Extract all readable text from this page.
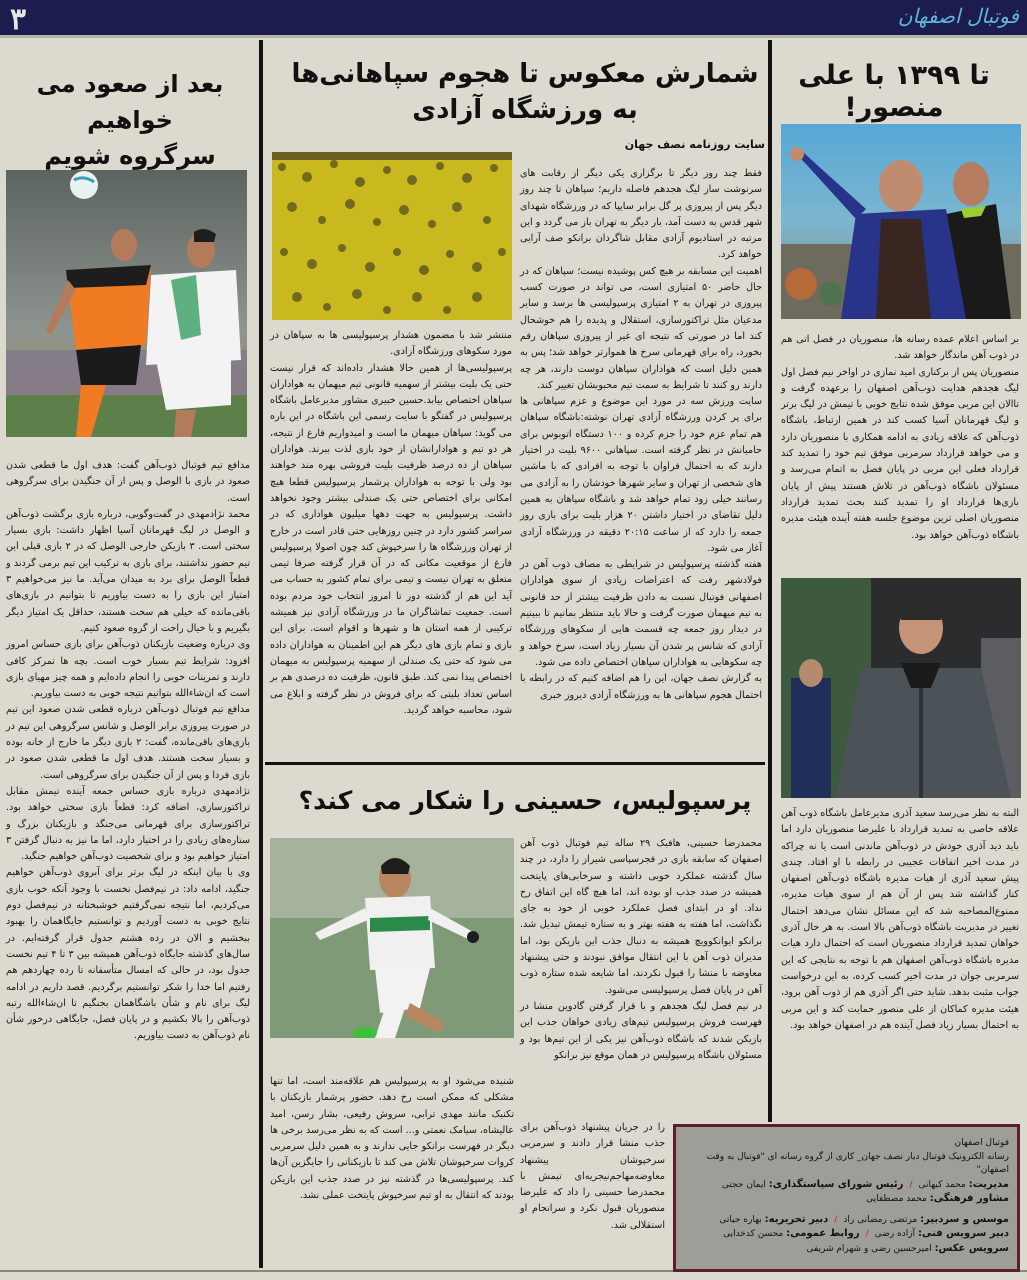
۳	فوتبال اصفهان
تا ۱۳۹۹ با علی منصور!

بر اساس اعلام عمده رسانه ها، منصوریان در فصل اتی هم در ذوب آهن ماندگار خواهد شد.

منصوریان پس از برکناری امید نمازی در اواخر نیم فصل اول لیگ هجدهم هدایت ذوب‌آهن اصفهان را برعهده گرفت و تاالان این مربی موفق شده نتایج خوبی با تیمش در لیگ برتر و لیگ قهرمانان آسیا کسب کند در همین ارتباط، باشگاه ذوب‌آهن که علاقه زیادی به ادامه همکاری با منصوریان دارد و می خواهد قرارداد سرمربی موفق تیم خود را تمدید کند قرارداد فعلی این مربی در پایان فصل به اتمام می‌رسد و مسئولان باشگاه ذوب‌آهن در تلاش هستند پیش از پایان بازی‌ها قرارداد او را تمدید کنند بحث تمدید قرارداد منصوریان اصلی ترین موضوع جلسه هفته آینده هیئت مدیره باشگاه ذوب‌آهن خواهد بود.

البته به نظر می‌رسد سعید آذری مدیرعامل باشگاه ذوب آهن علاقه خاصی به تمدید قرارداد با علیرضا منصوریان دارد اما باید دید آذری خودش در ذوب‌آهن ماندنی است یا نه چراکه در مدت اخیر اتفاقات عجیبی در رابطه با او افتاد. چندی پیش سعید آذری از هیات مدیره باشگاه ذوب‌آهن اصفهان کنار گذاشته شد پس از آن هم از سوی هیات مدیره، ممنوع‌المصاحبه شد که این مسائل نشان می‌دهد احتمال تغییر در مدیریت باشگاه ذوب‌آهن بالا است. به هر حال آذری خواهان تمدید قرارداد منصوریان است که احتمال دارد هیات مدیره باشگاه ذوب‌آهن اصفهان هم با توجه به نتایجی که این سرمربی جوان در مدت اخیر کسب کرده، به این درخواست جواب مثبت بدهد. شاید حتی اگر آذری هم از ذوب آهن برود، هیئت مدیره کماکان از علی منصور حمایت کند و این مربی به احتمال بسیار زیاد فصل آینده هم در اصفهان خواهد بود.

شمارش معکوس تا هجوم سپاهانی‌ها
به ورزشگاه آزادی
سایت روزنامه نصف جهان

فقط چند روز دیگر تا برگزاری یکی دیگر از رقابت های سرنوشت ساز لیگ هجدهم فاصله داریم؛ سپاهان تا چند روز دیگر پس از پیروزی پر گل برابر سایپا که در ورزشگاه شهدای شهر قدس به دست آمد، بار دیگر به تهران باز می گردد و این مرتبه در استادیوم آزادی مقابل شاگردان برانکو صف آرایی خواهد کرد.

اهمیت این مسابقه بر هیچ کس پوشیده نیست؛ سپاهان که در حال حاضر ۵۰ امتیازی است، می تواند در صورت کسب پیروزی در تهران به ۲ امتیازی پرسپولیسی ها برسد و سایر مدعیان مثل تراکتورسازی، استقلال و پدیده را هم خوشحال کند اما در صورتی که نتیجه ای غیر از پیروزی سپاهان رقم بخورد، راه برای قهرمانی سرخ ها هموارتر خواهد شد؛ پس به همین دلیل است که هواداران سپاهان دوست دارند، هر چه دارند رو کنند تا شرایط به سمت تیم محبوبشان تغییر کند.

سایت ورزش سه در مورد این موضوع و عزم سپاهانی ها برای پر کردن ورزشگاه آزادی تهران نوشته:باشگاه سپاهان هم تمام عزم خود را جزم کرده و ۱۰۰ دستگاه اتوبوس برای حامیانش در نظر گرفته است. سپاهانی ۹۶۰۰ بلیت در اختیار دارند که به احتمال فراوان با توجه به افرادی که با ماشین های شخصی از تهران و سایر شهرها خودشان را به آزادی می رسانند خیلی زود تمام خواهد شد و باشگاه سپاهان به همین دلیل تقاضای در اختیار داشتن ۲۰ هزار بلیت برای بازی روز جمعه را دارد که از ساعت ۲۰:۱۵ دقیقه در ورزشگاه آزادی آغاز می شود.

هفته گذشته پرسپولیس در شرایطی به مصاف ذوب آهن در فولادشهر رفت که اعتراضات زیادی از سوی هواداران اصفهانی فوتبال نسبت به دادن ظرفیت بیشتر از حد قانونی به تیم میهمان صورت گرفت و حالا باید منتظر بمانیم تا ببینیم در دیدار روز جمعه چه قسمت هایی از سکوهای ورزشگاه آزادی که شانس پر شدن آن بسیار زیاد است، سرخ خواهد و چه سکوهایی به هواداران سپاهان اختصاص داده می شود.

به گزارش نصف جهان، این را هم اضافه کنیم که در رابطه با احتمال هجوم سپاهانی ها به ورزشگاه آزادی دیروز خبری

منتشر شد با مضمون هشدار پرسپولیسی ها به سپاهان در مورد سکوهای ورزشگاه آزادی.

پرسپولیسی‌ها از همین حالا هشدار داده‌اند که قرار نیست حتی یک بلیت بیشتر از سهمیه قانونی تیم میهمان به هواداران سپاهان اختصاص بیابد.حسین خبیری مشاور مدیرعامل باشگاه پرسپولیس در گفتگو با سایت رسمی این باشگاه در این باره می گوید: سپاهان میهمان ما است و امیدواریم فارغ از نتیجه، هر دو تیم و هوادارانشان از خود بازی لذت ببرند. هواداران سپاهان از ده درصد ظرفیت بلیت فروشی بهره مند خواهند بود ولی با توجه به هواداران پرشمار پرسپولیس قطعا هیچ امکانی برای اختصاص حتی یک صندلی بیشتر وجود نخواهد داشت. پرسپولیس به جهت دهها میلیون هواداری که در سراسر کشور دارد در چنین روزهایی حتی قادر است در خارج از تهران ورزشگاه ها را سرخپوش کند چون اصولا پرسپولیس فارغ از موقعیت مکانی که در آن قرار گرفته صرفا تیمی متعلق به تهران نیست و تیمی برای تمام کشور به حساب می آید این هم از گذشته دور تا امروز انتخاب خود مردم بوده است. جمعیت تماشاگران ما در ورزشگاه آزادی نیز همیشه ترکیبی از همه استان ها و شهرها و اقوام است. برای این بازی و تمام بازی های دیگر هم این اطمینان به هواداران داده می شود که حتی یک صندلی از سهمیه پرسپولیس به میهمان اختصاص پیدا نمی کند. طبق قانون، ظرفیت ده درصدی هم بر اساس تعداد بلیتی که برای فروش در نظر گرفته و ابلاغ می شود، محاسبه خواهد گردید.

پرسپولیس، حسینی را شکار می کند؟

محمدرضا حسینی، هافبک ۲۹ ساله تیم فوتبال ذوب آهن اصفهان که سابقه بازی در فجرسپاسی شیراز را دارد، در چند سال گذشته عملکرد خوبی داشته و سرخابی‌های پایتخت همیشه در صدد جذب او بوده اند، اما هیچ گاه این اتفاق رخ نداد. او در ابتدای فصل عملکرد خوبی از خود به جای نگذاشت، اما هفته به هفته بهتر و به ستاره تیمش تبدیل شد. برانکو ایوانکوویچ همیشه به دنبال جذب این بازیکن بود، اما مدیران ذوب آهن با این انتقال موافق نبودند و حتی پیشنهاد معاوضه با منشا را قبول نکردند، اما شایعه شده ستاره ذوب آهن در پایان فصل پرسپولیسی می‌شود.

در نیم فصل لیگ هجدهم و با قرار گرفتن گادوین منشا در فهرست فروش پرسپولیس تیم‌های زیادی خواهان جذب این بازیکن شدند که باشگاه ذوب‌آهن نیز یکی از این تیم‌ها بود و مسئولان باشگاه پرسپولیس در همان موقع نیز برانکو

را در جریان پیشنهاد ذوب‌آهن برای جذب منشا قرار دادند و سرمربی سرخپوشان پیشنهاد معاوضه‌مهاجم‌نیجریه‌ای تیمش با محمدرضا حسینی را داد که علیرضا منصوریان قبول نکرد و سرانجام او استقلالی شد.

شنیده می‌شود او به پرسپولیس هم علاقه‌مند است، اما تنها مشکلی که ممکن است رخ دهد، حضور پرشمار بازیکنان با تکنیک مانند مهدی ترابی، سروش رفیعی، بشار رسن، امید عالیشاه، سیامک نعمتی و... است که به نظر می‌رسد برخی ها دیگر در فهرست برانکو جایی ندارند و به همین دلیل سرمربی کروات سرخپوشان تلاش می کند تا بازیکنانی را جایگزین آن‌ها کند. پرسپولیسی‌ها در گذشته نیز در صدد جذب این بازیکن بودند که انتقال به او تیم سرخپوش پایتخت عملی نشد.

بعد از صعود می خواهیم
سرگروه شویم

مدافع تیم فوتبال ذوب‌آهن گفت: هدف اول ما قطعی شدن صعود در بازی با الوصل و پس از آن جنگیدن برای سرگروهی است.

محمد نژادمهدی در گفت‌وگویی، درباره بازی برگشت ذوب‌آهن و الوصل در لیگ قهرمانان آسیا اظهار داشت: بازی بسیار سختی است. ۳ بازیکن خارجی الوصل که در ۲ بازی قبلی این تیم حضور نداشتند، برای بازی به ترکیب این تیم برمی گردند و قطعاً الوصل برای برد به میدان می‌آید. ما نیز می‌خواهیم ۳ امتیاز این بازی را به دست بیاوریم تا بتوانیم در بازی‌های باقی‌مانده که خیلی هم سخت هستند، حداقل یک امتیاز دیگر بگیریم و با خیال راحت از گروه صعود کنیم.

وی درباره وضعیت بازیکنان ذوب‌آهن برای بازی حساس امروز افزود: شرایط تیم بسیار خوب است. بچه ها تمرکز کافی دارند و تمرینات خوبی را انجام داده‌ایم و همه چیز مهیای بازی است که ان‌شاءالله بتوانیم نتیجه خوبی به دست بیاوریم.

مدافع تیم فوتبال ذوب‌آهن درباره قطعی شدن صعود این تیم در صورت پیروزی برابر الوصل و شانس سرگروهی این تیم در بازی‌های باقی‌مانده، گفت: ۲ بازی دیگر ما خارج از خانه بوده و بسیار سخت هستند. هدف اول ما قطعی شدن صعود در بازی فردا و پس از آن جنگیدن برای سرگروهی است.

نژادمهدی درباره بازی حساس جمعه آینده تیمش مقابل تراکتورسازی، اضافه کرد: قطعاً بازی سختی خواهد بود. تراکتورسازی برای قهرمانی می‌جنگد و بازیکنان بزرگ و ستاره‌های زیادی را در اختیار دارد، اما ما نیز به دنبال گرفتن ۳ امتیاز خواهیم بود و برای شخصیت ذوب‌آهن خواهیم جنگید.

وی با بیان اینکه در لیگ برتر برای آبروی ذوب‌آهن خواهیم جنگید، ادامه داد: در نیم‌فصل نخست با وجود آنکه خوب بازی می‌کردیم، اما نتیجه نمی‌گرفتیم خوشبختانه در نیم‌فصل دوم نتایج خوبی به دست آوردیم و توانستیم جایگاهمان را بهبود ببخشیم و الان در رده هشتم جدول قرار گرفته‌ایم. در سال‌های گذشته جایگاه ذوب‌آهن همیشه بین ۳ تا ۴ تیم نخست جدول بود، در حالی که امسال متأسفانه تا رده چهاردهم هم رفتیم اما خدا را شکر توانستیم برگردیم. قصد داریم در ادامه لیگ برای نام و شأن باشگاهمان بجنگیم تا ان‌شاءالله رتبه ذوب‌آهن را بالا بکشیم و در پایان فصل، جایگاهی درخور شأن نام ذوب‌آهن به دست بیاوریم.

فوتبال اصفهان
رسانه الکترونیک فوتبال دیار نصف جهان_ کاری از گروه رسانه ای "فوتبال به وقت اصفهان"
مدیریت: محمد کیهانی / رئیس شورای سیاستگذاری: ایمان حجتی
مشاور فرهنگی: محمد مصطفایی
موسس و سردبیر: مرتضی رمضانی راد / دبیر تحریریه: بهاره حیاتی
دبیر سرویس فنی: آزاده رضی / روابط عمومی: محسن کدخدایی
سرویس عکس: امیرحسین رضی و شهرام شریفی
